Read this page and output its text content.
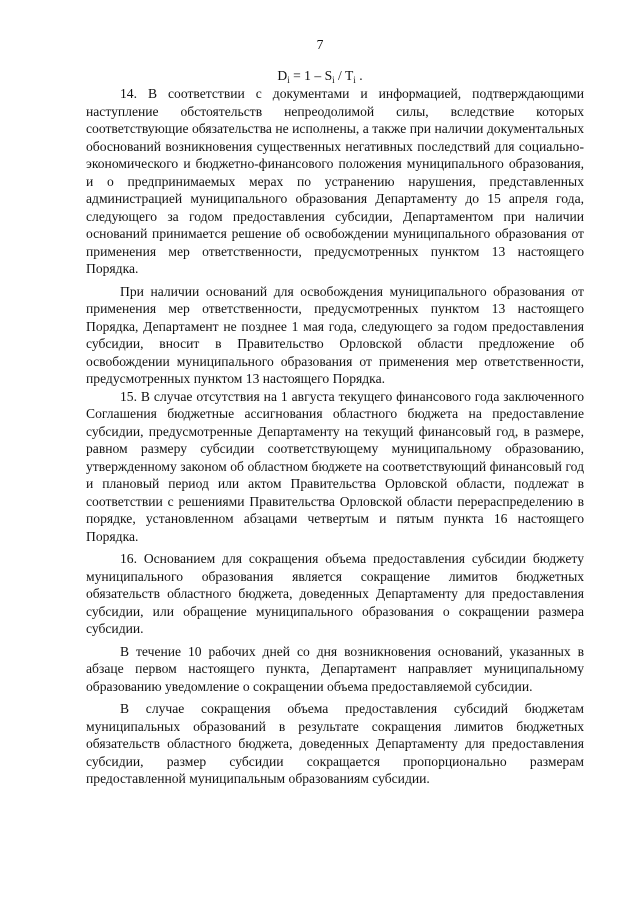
7
$D_i = 1 - S_i / T_i$ .

14. В соответствии с документами и информацией, подтверждающими наступление обстоятельств непреодолимой силы, вследствие которых соответствующие обязательства не исполнены, а также при наличии документальных обоснований возникновения существенных негативных последствий для социально-экономического и бюджетно-финансового положения муниципального образования, и о предпринимаемых мерах по устранению нарушения, представленных администрацией муниципального образования Департаменту до 15 апреля года, следующего за годом предоставления субсидии, Департаментом при наличии оснований принимается решение об освобождении муниципального образования от применения мер ответственности, предусмотренных пунктом 13 настоящего Порядка.

При наличии оснований для освобождения муниципального образования от применения мер ответственности, предусмотренных пунктом 13 настоящего Порядка, Департамент не позднее 1 мая года, следующего за годом предоставления субсидии, вносит в Правительство Орловской области предложение об освобождении муниципального образования от применения мер ответственности, предусмотренных пунктом 13 настоящего Порядка.

15. В случае отсутствия на 1 августа текущего финансового года заключенного Соглашения бюджетные ассигнования областного бюджета на предоставление субсидии, предусмотренные Департаменту на текущий финансовый год, в размере, равном размеру субсидии соответствующему муниципальному образованию, утвержденному законом об областном бюджете на соответствующий финансовый год и плановый период или актом Правительства Орловской области, подлежат в соответствии с решениями Правительства Орловской области перераспределению в порядке, установленном абзацами четвертым и пятым пункта 16 настоящего Порядка.

16. Основанием для сокращения объема предоставления субсидии бюджету муниципального образования является сокращение лимитов бюджетных обязательств областного бюджета, доведенных Департаменту для предоставления субсидии, или обращение муниципального образования о сокращении размера субсидии.

В течение 10 рабочих дней со дня возникновения оснований, указанных в абзаце первом настоящего пункта, Департамент направляет муниципальному образованию уведомление о сокращении объема предоставляемой субсидии.

В случае сокращения объема предоставления субсидий бюджетам муниципальных образований в результате сокращения лимитов бюджетных обязательств областного бюджета, доведенных Департаменту для предоставления субсидии, размер субсидии сокращается пропорционально размерам предоставленной муниципальным образованиям субсидии.
